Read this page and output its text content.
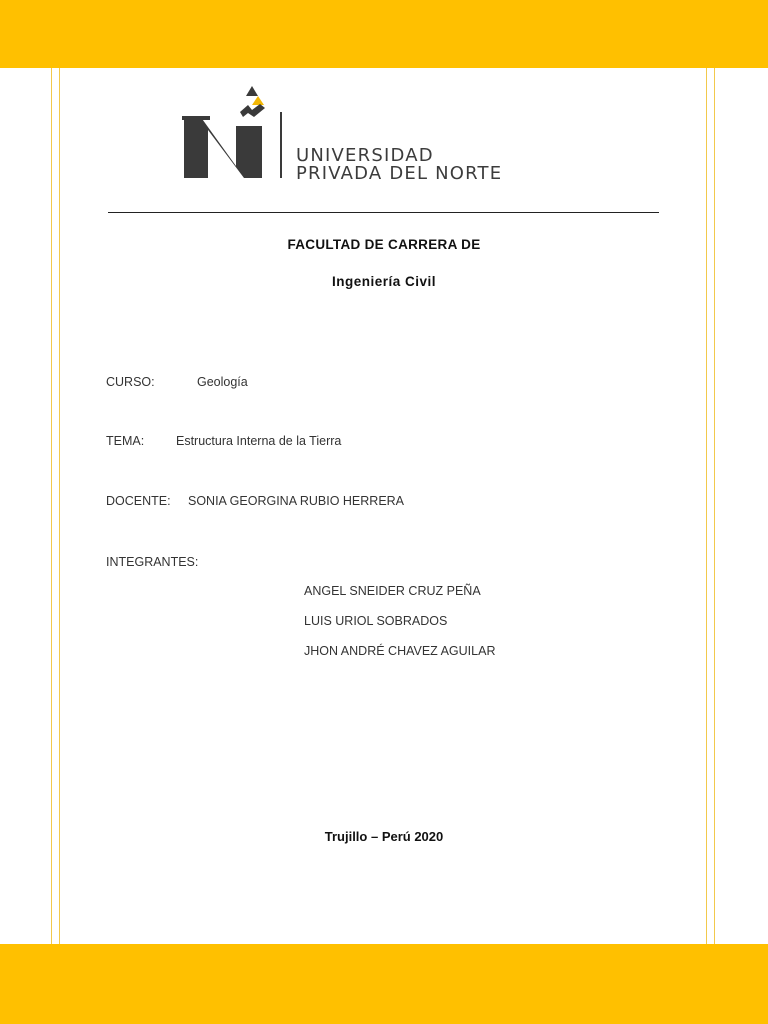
UNIVERSIDAD
PRIVADA DEL NORTE
FACULTAD DE CARRERA DE
Ingeniería Civil
CURSO:	Geología
TEMA:	Estructura Interna de la Tierra
DOCENTE: SONIA GEORGINA RUBIO HERRERA
INTEGRANTES:
ANGEL SNEIDER CRUZ PEÑA
LUIS URIOL SOBRADOS
JHON ANDRÉ CHAVEZ AGUILAR
Trujillo – Perú 2020
